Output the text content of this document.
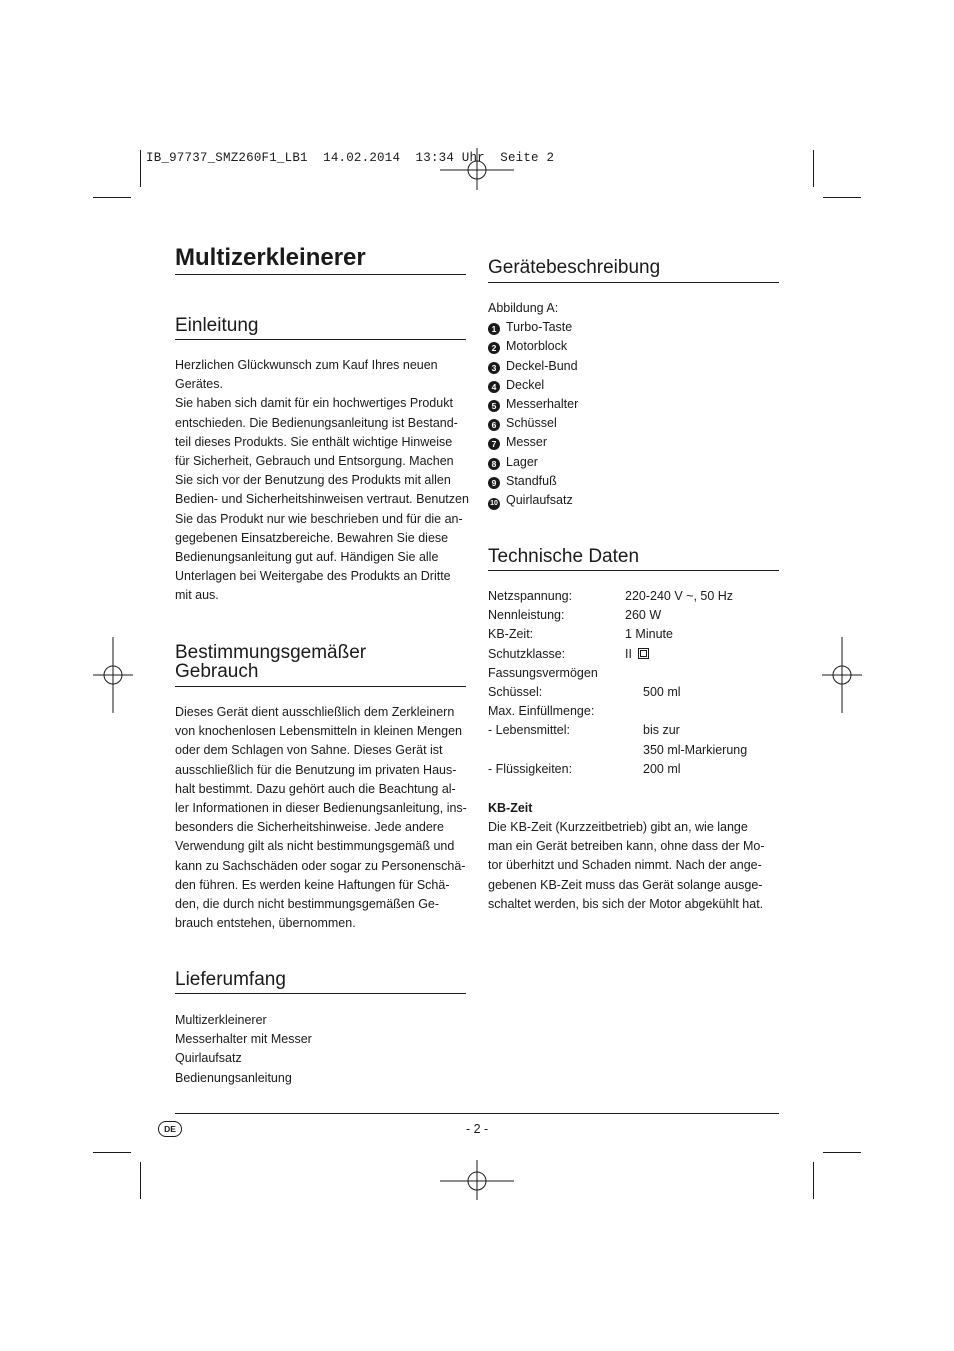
IB_97737_SMZ260F1_LB1  14.02.2014  13:34 Uhr  Seite 2
Multizerkleinerer
Einleitung
Herzlichen Glückwunsch zum Kauf Ihres neuen
Gerätes.
Sie haben sich damit für ein hochwertiges Produkt
entschieden. Die Bedienungsanleitung ist Bestand-
teil dieses Produkts. Sie enthält wichtige Hinweise
für Sicherheit, Gebrauch und Entsorgung. Machen
Sie sich vor der Benutzung des Produkts mit allen
Bedien- und Sicherheitshinweisen vertraut. Benutzen
Sie das Produkt nur wie beschrieben und für die an-
gegebenen Einsatzbereiche. Bewahren Sie diese
Bedienungsanleitung gut auf. Händigen Sie alle
Unterlagen bei Weitergabe des Produkts an Dritte
mit aus.
Bestimmungsgemäßer
Gebrauch
Dieses Gerät dient ausschließlich dem Zerkleinern
von knochenlosen Lebensmitteln in kleinen Mengen
oder dem Schlagen von Sahne. Dieses Gerät ist
ausschließlich für die Benutzung im privaten Haus-
halt bestimmt. Dazu gehört auch die Beachtung al-
ler Informationen in dieser Bedienungsanleitung, ins-
besonders die Sicherheitshinweise. Jede andere
Verwendung gilt als nicht bestimmungsgemäß und
kann zu Sachschäden oder sogar zu Personenschä-
den führen. Es werden keine Haftungen für Schä-
den, die durch nicht bestimmungsgemäßen Ge-
brauch entstehen, übernommen.
Lieferumfang
Multizerkleinerer
Messerhalter mit Messer
Quirlaufsatz
Bedienungsanleitung
Gerätebeschreibung
Abbildung A:
1 Turbo-Taste
2 Motorblock
3 Deckel-Bund
4 Deckel
5 Messerhalter
6 Schüssel
7 Messer
8 Lager
9 Standfuß
10 Quirlaufsatz
Technische Daten
Netzspannung:	220-240 V ~, 50 Hz
Nennleistung:	260 W
KB-Zeit:	1 Minute
Schutzklasse:	II
Fassungsvermögen
Schüssel:	500 ml
Max. Einfüllmenge:
- Lebensmittel:	bis zur
350 ml-Markierung
- Flüssigkeiten:	200 ml
KB-Zeit
Die KB-Zeit (Kurzzeitbetrieb) gibt an, wie lange
man ein Gerät betreiben kann, ohne dass der Mo-
tor überhitzt und Schaden nimmt. Nach der ange-
gebenen KB-Zeit muss das Gerät solange ausge-
schaltet werden, bis sich der Motor abgekühlt hat.
DE	- 2 -
